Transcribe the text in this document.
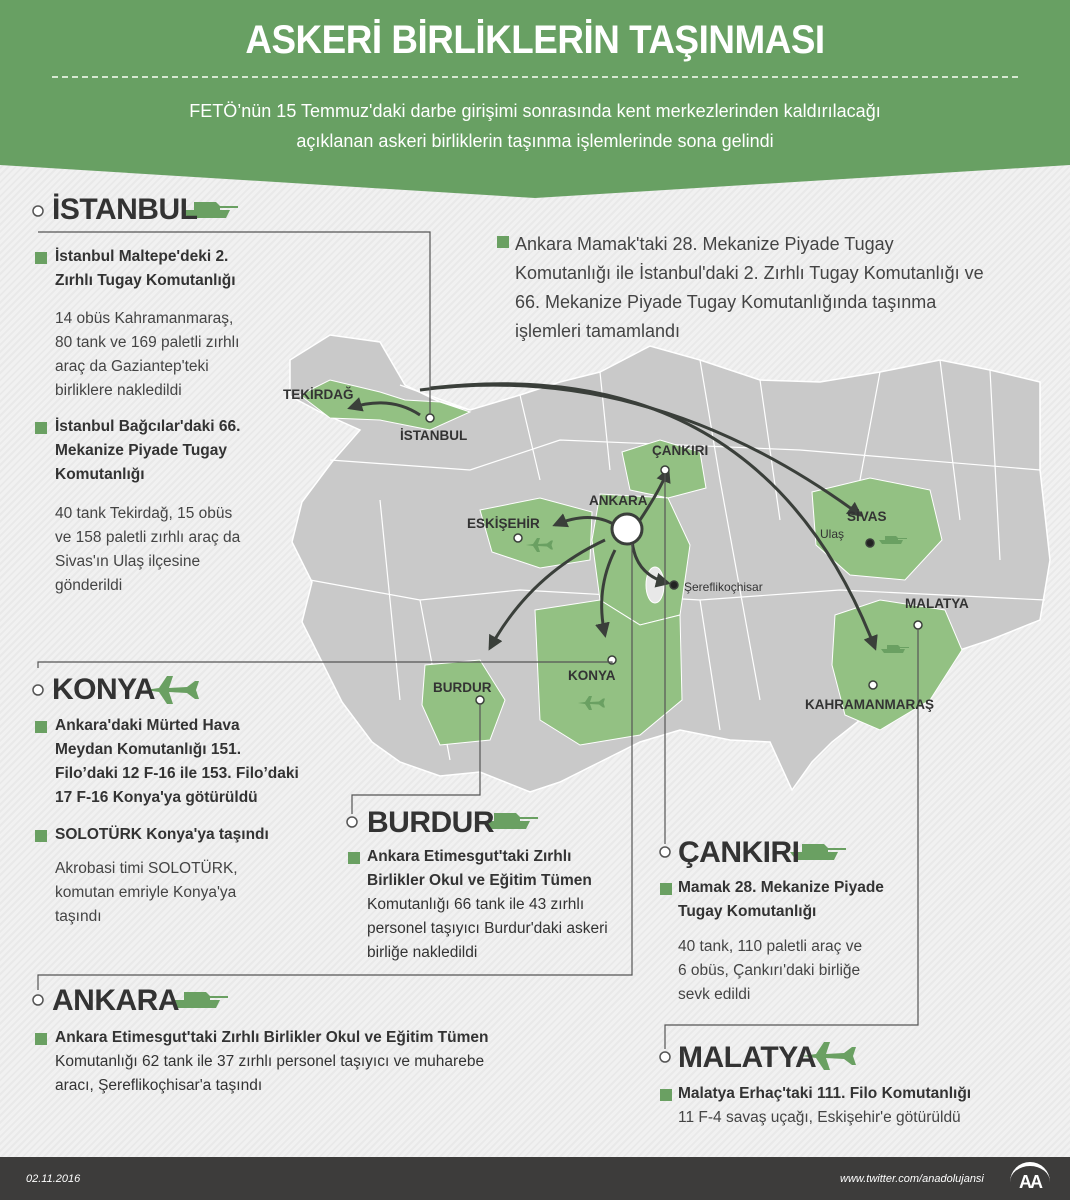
ASKERİ BİRLİKLERİN TAŞINMASI
FETÖ’nün 15 Temmuz'daki darbe girişimi sonrasında kent merkezlerinden kaldırılacağı
açıklanan askeri birliklerin taşınma işlemlerinde sona gelindi
Ankara Mamak'taki 28. Mekanize Piyade Tugay
Komutanlığı ile İstanbul'daki 2. Zırhlı Tugay Komutanlığı ve
66. Mekanize Piyade Tugay Komutanlığında taşınma
işlemleri tamamlandı
TEKİRDAĞ
İSTANBUL
ÇANKIRI
ANKARA
ESKİŞEHİR	SİVAS
Ulaş
Şereflikoçhisar
MALATYA
KONYA
BURDUR
KAHRAMANMARAŞ
İSTANBUL
İstanbul Maltepe'deki 2.
Zırhlı Tugay Komutanlığı
14 obüs Kahramanmaraş,
80 tank ve 169 paletli zırhlı
araç da Gaziantep'teki
birliklere nakledildi
İstanbul Bağcılar'daki 66.
Mekanize Piyade Tugay
Komutanlığı
40 tank Tekirdağ, 15 obüs
ve 158 paletli zırhlı araç da
Sivas'ın Ulaş ilçesine
gönderildi
KONYA
Ankara'daki Mürted Hava
Meydan Komutanlığı 151.
Filo’daki 12 F-16 ile 153. Filo’daki
17 F-16 Konya'ya götürüldü
SOLOTÜRK Konya'ya taşındı
Akrobasi timi SOLOTÜRK,
komutan emriyle Konya'ya
taşındı
BURDUR
Ankara Etimesgut'taki Zırhlı
Birlikler Okul ve Eğitim Tümen
Komutanlığı 66 tank ile 43 zırhlı
personel taşıyıcı Burdur'daki askeri
birliğe nakledildi
ÇANKIRI
Mamak 28. Mekanize Piyade
Tugay Komutanlığı
40 tank, 110 paletli araç ve
6 obüs, Çankırı'daki birliğe
sevk edildi
ANKARA
Ankara Etimesgut'taki Zırhlı Birlikler Okul ve Eğitim Tümen
Komutanlığı 62 tank ile 37 zırhlı personel taşıyıcı ve muharebe
aracı, Şereflikoçhisar'a taşındı
MALATYA
Malatya Erhaç'taki 111. Filo Komutanlığı
11 F-4 savaş uçağı, Eskişehir'e götürüldü
02.11.2016	www.twitter.com/anadolujansi	AA
